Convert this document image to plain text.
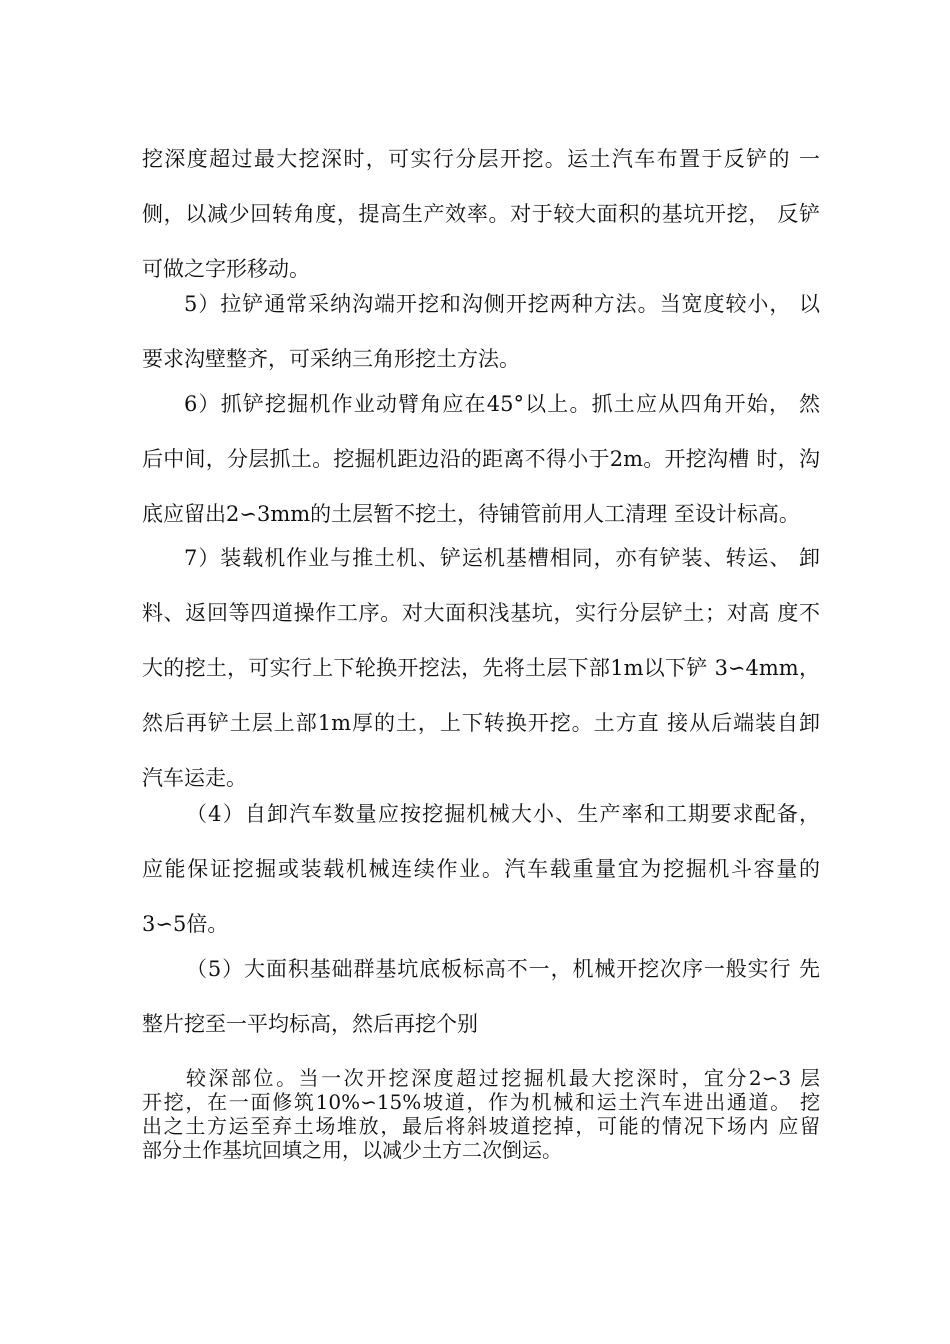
挖深度超过最大挖深时，可实行分层开挖。运土汽车布置于反铲的 一
侧，以减少回转角度，提高生产效率。对于较大面积的基坑开挖， 反铲
可做之字形移动。
5）拉铲通常采纳沟端开挖和沟侧开挖两种方法。当宽度较小， 以
要求沟壁整齐，可采纳三角形挖土方法。
6）抓铲挖掘机作业动臂角应在45°以上。抓土应从四角开始， 然
后中间，分层抓土。挖掘机距边沿的距离不得小于2m。开挖沟槽 时，沟
底应留出2∽3mm的土层暂不挖土，待铺管前用人工清理 至设计标高。
7）装载机作业与推土机、铲运机基槽相同，亦有铲装、转运、 卸
料、返回等四道操作工序。对大面积浅基坑，实行分层铲土；对高 度不
大的挖土，可实行上下轮换开挖法，先将土层下部1m以下铲 3∽4mm，
然后再铲土层上部1m厚的土，上下转换开挖。土方直 接从后端装自卸
汽车运走。
（4）自卸汽车数量应按挖掘机械大小、生产率和工期要求配备，
应能保证挖掘或装载机械连续作业。汽车载重量宜为挖掘机斗容量的
3∽5倍。
（5）大面积基础群基坑底板标高不一，机械开挖次序一般实行 先
整片挖至一平均标高，然后再挖个别
较深部位。当一次开挖深度超过挖掘机最大挖深时，宜分2∽3 层
开挖，在一面修筑10%∽15%坡道，作为机械和运土汽车进出通道。 挖
出之土方运至弃土场堆放，最后将斜坡道挖掉，可能的情况下场内 应留
部分土作基坑回填之用，以减少土方二次倒运。
